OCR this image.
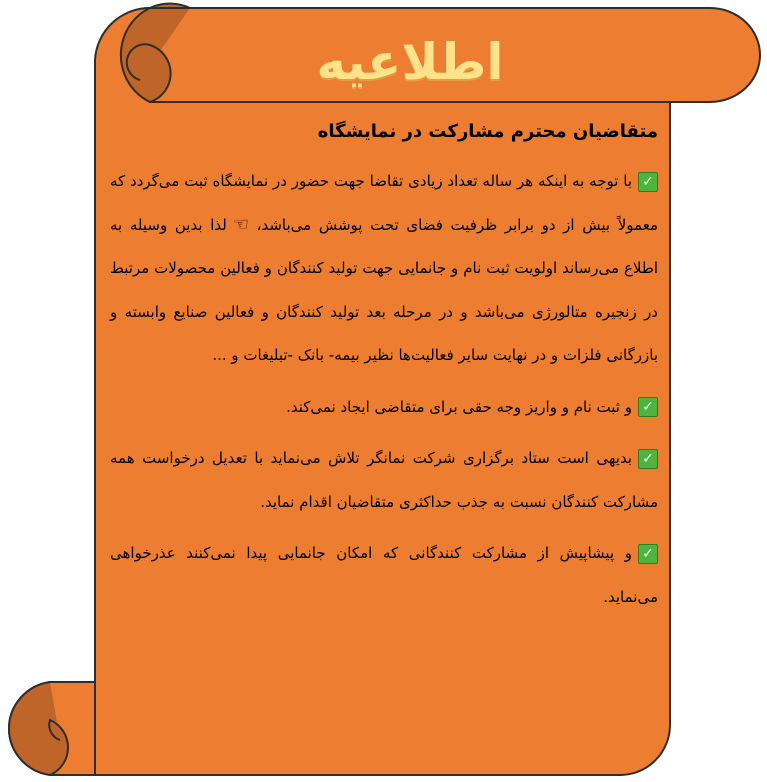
اطلاعیه
متقاضیان محترم مشارکت در نمایشگاه

✓با توجه به اینکه هر ساله تعداد زیادی تقاضا جهت حضور در نمایشگاه ثبت می‌گردد که معمولاً بیش از دو برابر ظرفیت فضای تحت پوشش می‌باشد، ☜لذا بدین وسیله به اطلاع می‌رساند اولویت ثبت نام و جانمایی جهت تولید کنندگان و فعالین محصولات مرتبط در زنجیره متالورژی می‌باشد و در مرحله بعد تولید کنندگان و فعالین صنایع وابسته و بازرگانی فلزات و در نهایت سایر فعالیت‌ها نظیر بیمه- بانک -تبلیغات و ...

✓و ثبت نام و واریز وجه حقی برای متقاضی ایجاد نمی‌کند.

✓بدیهی است ستاد برگزاری شرکت نمانگر تلاش می‌نماید با تعدیل درخواست همه مشارکت کنندگان نسبت به جذب حداکثری متقاضیان اقدام نماید.

✓و پیشاپیش از مشارکت کنندگانی که امکان جانمایی پیدا نمی‌کنند عذرخواهی می‌نماید.
